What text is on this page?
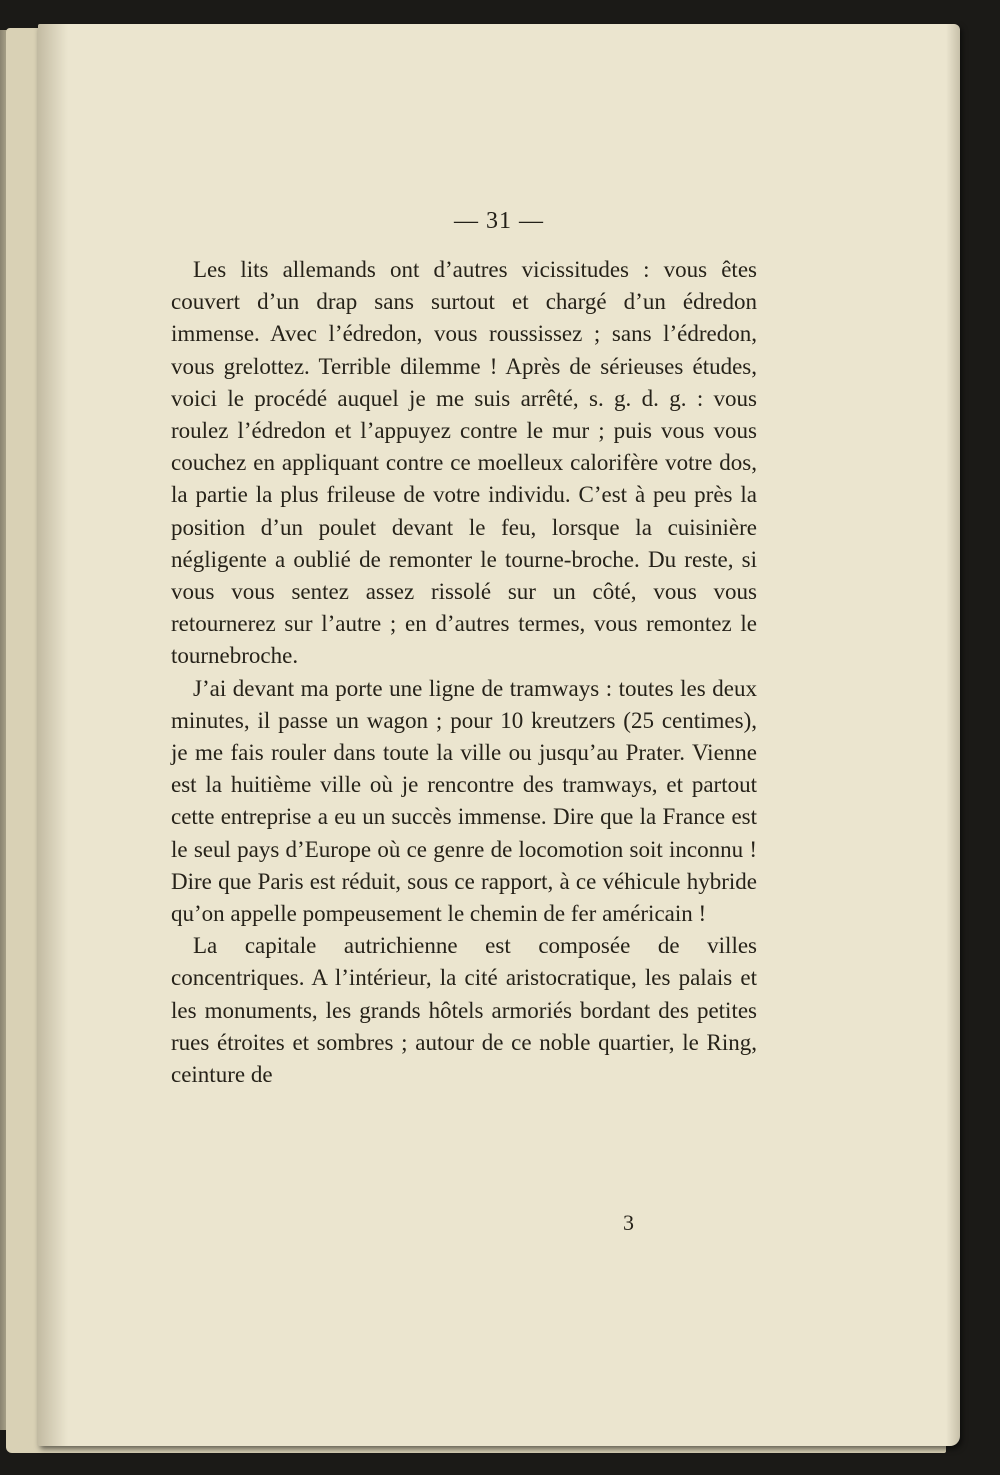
— 31 —

Les lits allemands ont d’autres vicissitudes : vous êtes couvert d’un drap sans surtout et chargé d’un édredon immense. Avec l’édredon, vous roussissez ; sans l’édredon, vous grelottez. Terrible dilemme ! Après de sérieuses études, voici le procédé auquel je me suis arrêté, s. g. d. g. : vous roulez l’édredon et l’appuyez contre le mur ; puis vous vous couchez en appliquant contre ce moelleux calorifère votre dos, la partie la plus frileuse de votre individu. C’est à peu près la position d’un poulet devant le feu, lorsque la cuisinière négligente a oublié de remonter le tourne-broche. Du reste, si vous vous sentez assez rissolé sur un côté, vous vous retournerez sur l’autre ; en d’autres termes, vous remontez le tournebroche.

J’ai devant ma porte une ligne de tramways : toutes les deux minutes, il passe un wagon ; pour 10 kreutzers (25 centimes), je me fais rouler dans toute la ville ou jusqu’au Prater. Vienne est la huitième ville où je rencontre des tramways, et partout cette entreprise a eu un succès immense. Dire que la France est le seul pays d’Europe où ce genre de locomotion soit inconnu ! Dire que Paris est réduit, sous ce rapport, à ce véhicule hybride qu’on appelle pompeusement le chemin de fer américain !

La capitale autrichienne est composée de villes concentriques. A l’intérieur, la cité aristocratique, les palais et les monuments, les grands hôtels armoriés bordant des petites rues étroites et sombres ; autour de ce noble quartier, le Ring, ceinture de

3
